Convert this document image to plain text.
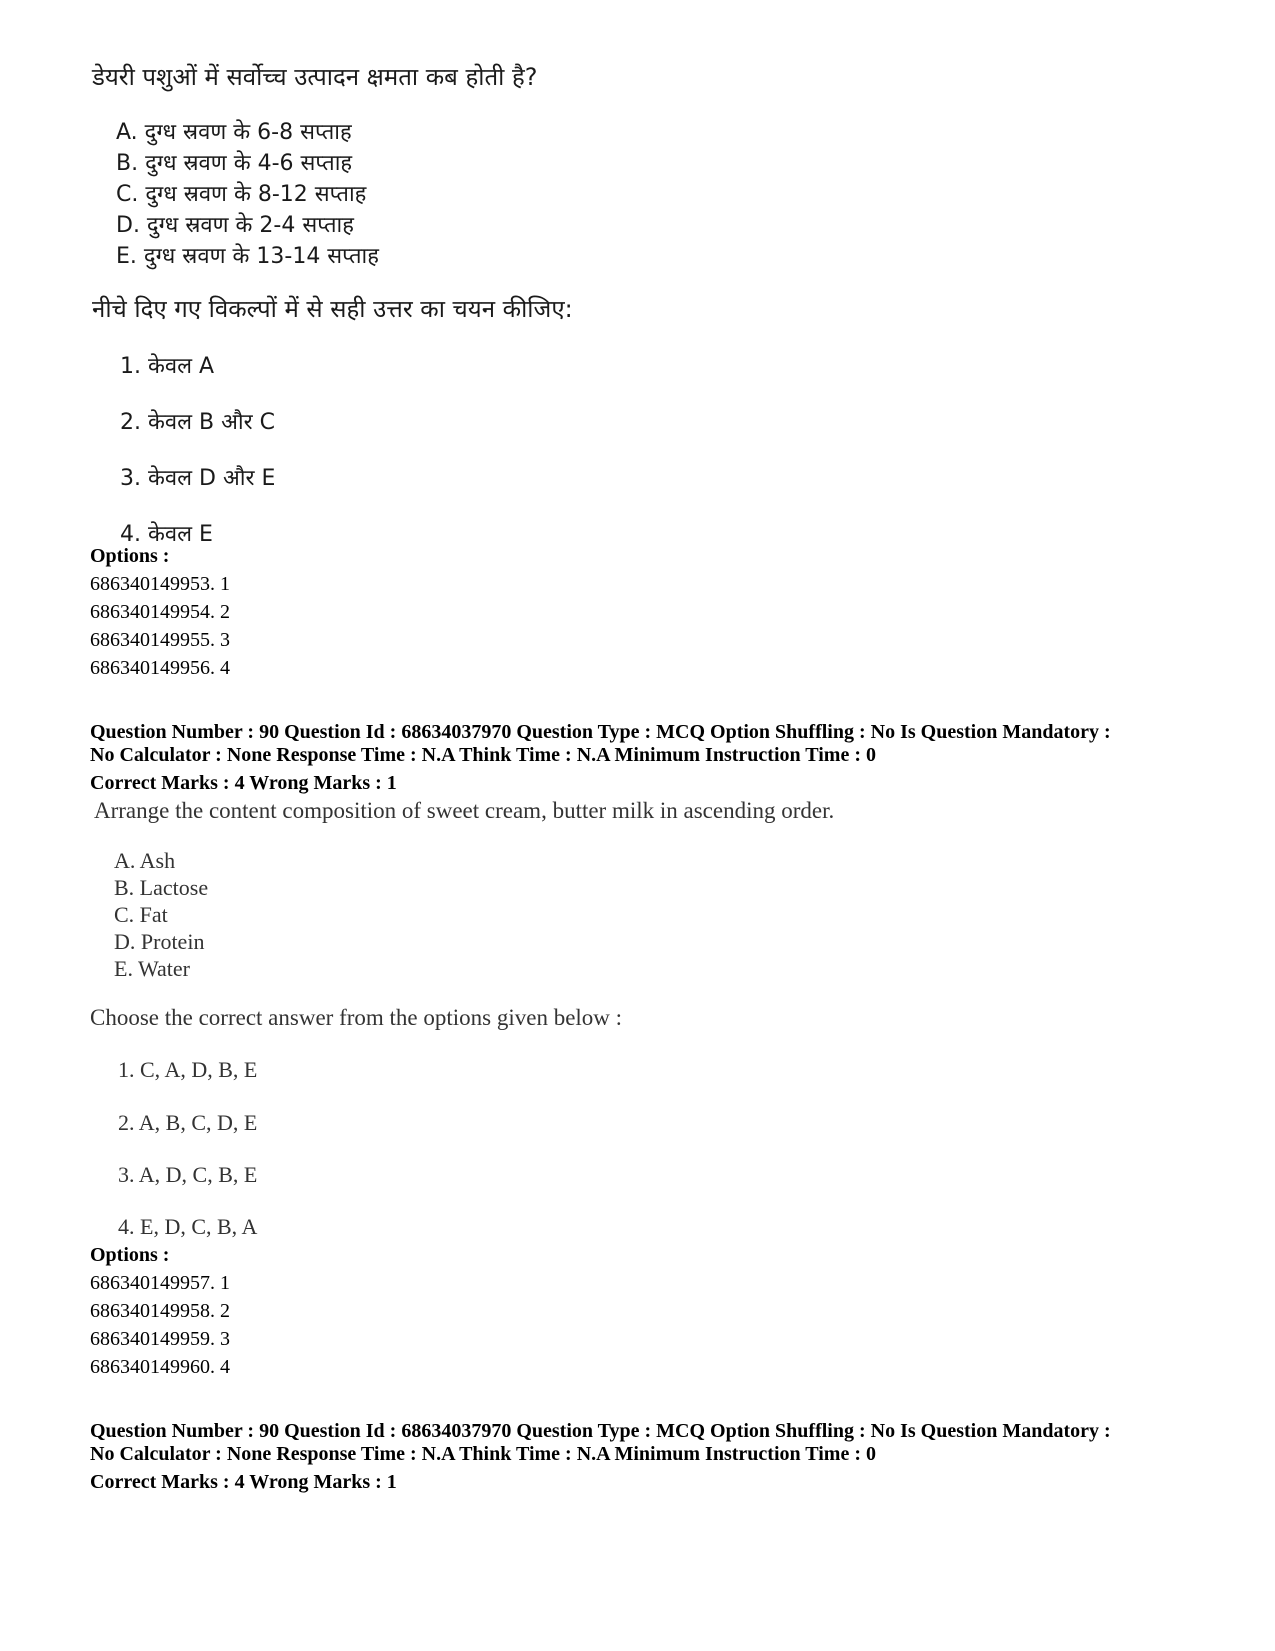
डेयरी पशुओं में सर्वोच्च उत्पादन क्षमता कब होती है?
A. दुग्ध स्रवण के 6-8 सप्ताह
B. दुग्ध स्रवण के 4-6 सप्ताह
C. दुग्ध स्रवण के 8-12 सप्ताह
D. दुग्ध स्रवण के 2-4 सप्ताह
E. दुग्ध स्रवण के 13-14 सप्ताह
नीचे दिए गए विकल्पों में से सही उत्तर का चयन कीजिए:
1. केवल A
2. केवल B और C
3. केवल D और E
4. केवल E
Options :
686340149953. 1
686340149954. 2
686340149955. 3
686340149956. 4
Question Number : 90 Question Id : 68634037970 Question Type : MCQ Option Shuffling : No Is Question Mandatory :
No Calculator : None Response Time : N.A Think Time : N.A Minimum Instruction Time : 0
Correct Marks : 4 Wrong Marks : 1
Arrange the content composition of sweet cream, butter milk in ascending order.
A. Ash
B. Lactose
C. Fat
D. Protein
E. Water
Choose the correct answer from the options given below :
1. C, A, D, B, E
2. A, B, C, D, E
3. A, D, C, B, E
4. E, D, C, B, A
Options :
686340149957. 1
686340149958. 2
686340149959. 3
686340149960. 4
Question Number : 90 Question Id : 68634037970 Question Type : MCQ Option Shuffling : No Is Question Mandatory :
No Calculator : None Response Time : N.A Think Time : N.A Minimum Instruction Time : 0
Correct Marks : 4 Wrong Marks : 1
